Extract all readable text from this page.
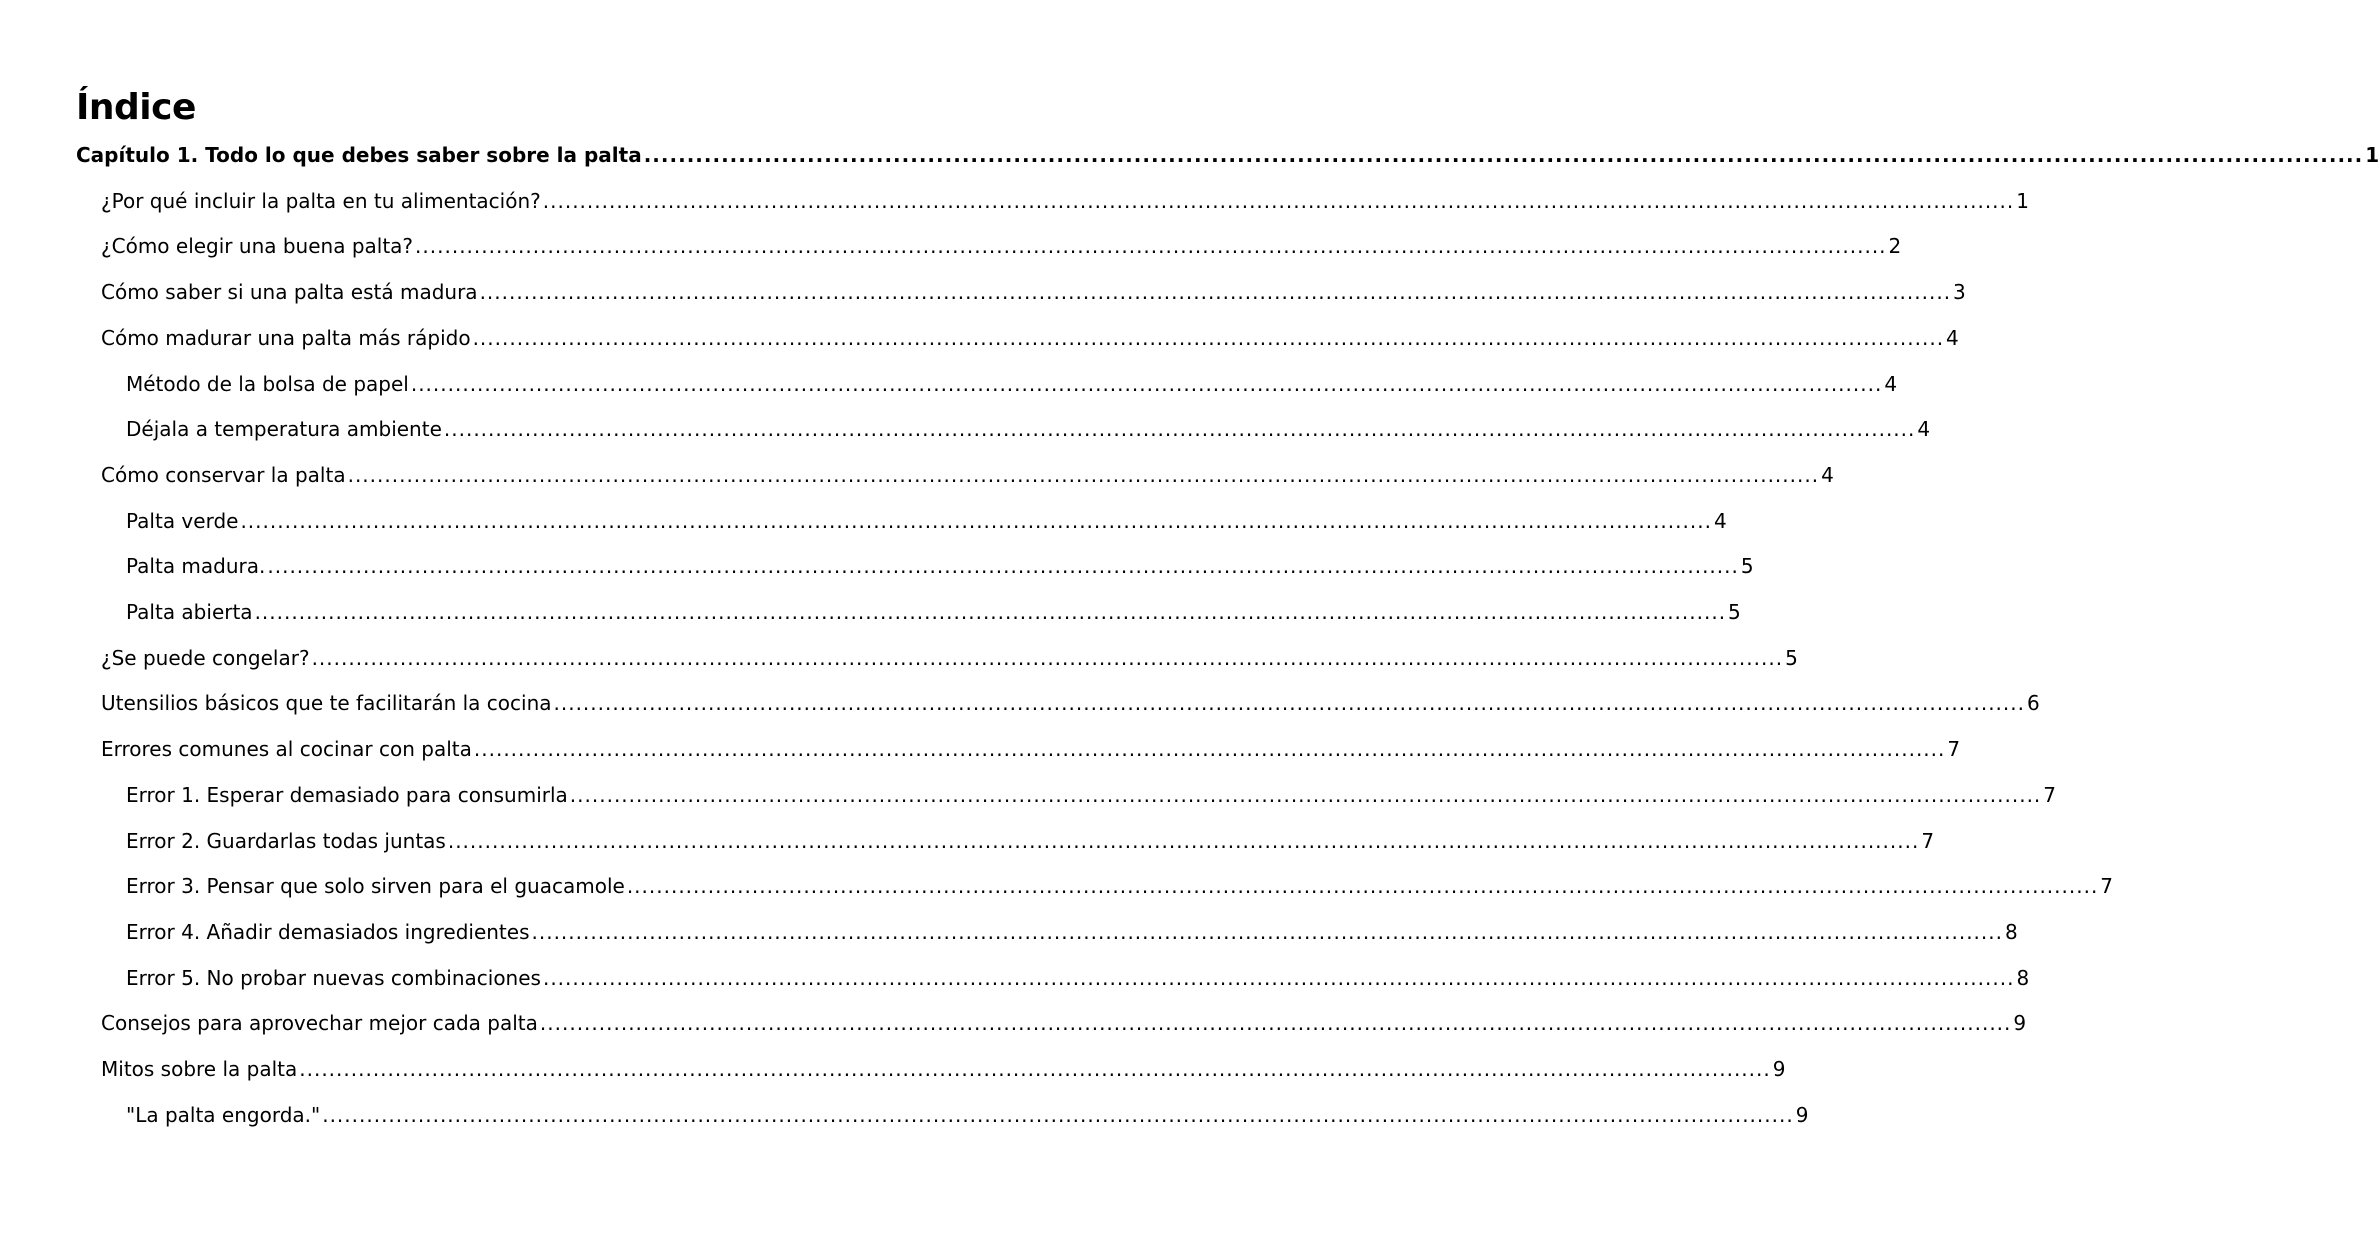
Índice
Capítulo 1. Todo lo que debes saber sobre la palta ........................................................................................................................................................................................................ 1
¿Por qué incluir la palta en tu alimentación? ........................................................................................................................................................................................................ 1
¿Cómo elegir una buena palta? ........................................................................................................................................................................................................ 2
Cómo saber si una palta está madura ........................................................................................................................................................................................................ 3
Cómo madurar una palta más rápido ........................................................................................................................................................................................................ 4
Método de la bolsa de papel ........................................................................................................................................................................................................ 4
Déjala a temperatura ambiente ........................................................................................................................................................................................................ 4
Cómo conservar la palta ........................................................................................................................................................................................................ 4
Palta verde ........................................................................................................................................................................................................ 4
Palta madura. ........................................................................................................................................................................................................ 5
Palta abierta ........................................................................................................................................................................................................ 5
¿Se puede congelar? ........................................................................................................................................................................................................ 5
Utensilios básicos que te facilitarán la cocina ........................................................................................................................................................................................................ 6
Errores comunes al cocinar con palta ........................................................................................................................................................................................................ 7
Error 1. Esperar demasiado para consumirla ........................................................................................................................................................................................................ 7
Error 2. Guardarlas todas juntas ........................................................................................................................................................................................................ 7
Error 3. Pensar que solo sirven para el guacamole ........................................................................................................................................................................................................ 7
Error 4. Añadir demasiados ingredientes ........................................................................................................................................................................................................ 8
Error 5. No probar nuevas combinaciones ........................................................................................................................................................................................................ 8
Consejos para aprovechar mejor cada palta ........................................................................................................................................................................................................ 9
Mitos sobre la palta ........................................................................................................................................................................................................ 9
"La palta engorda." ........................................................................................................................................................................................................ 9
